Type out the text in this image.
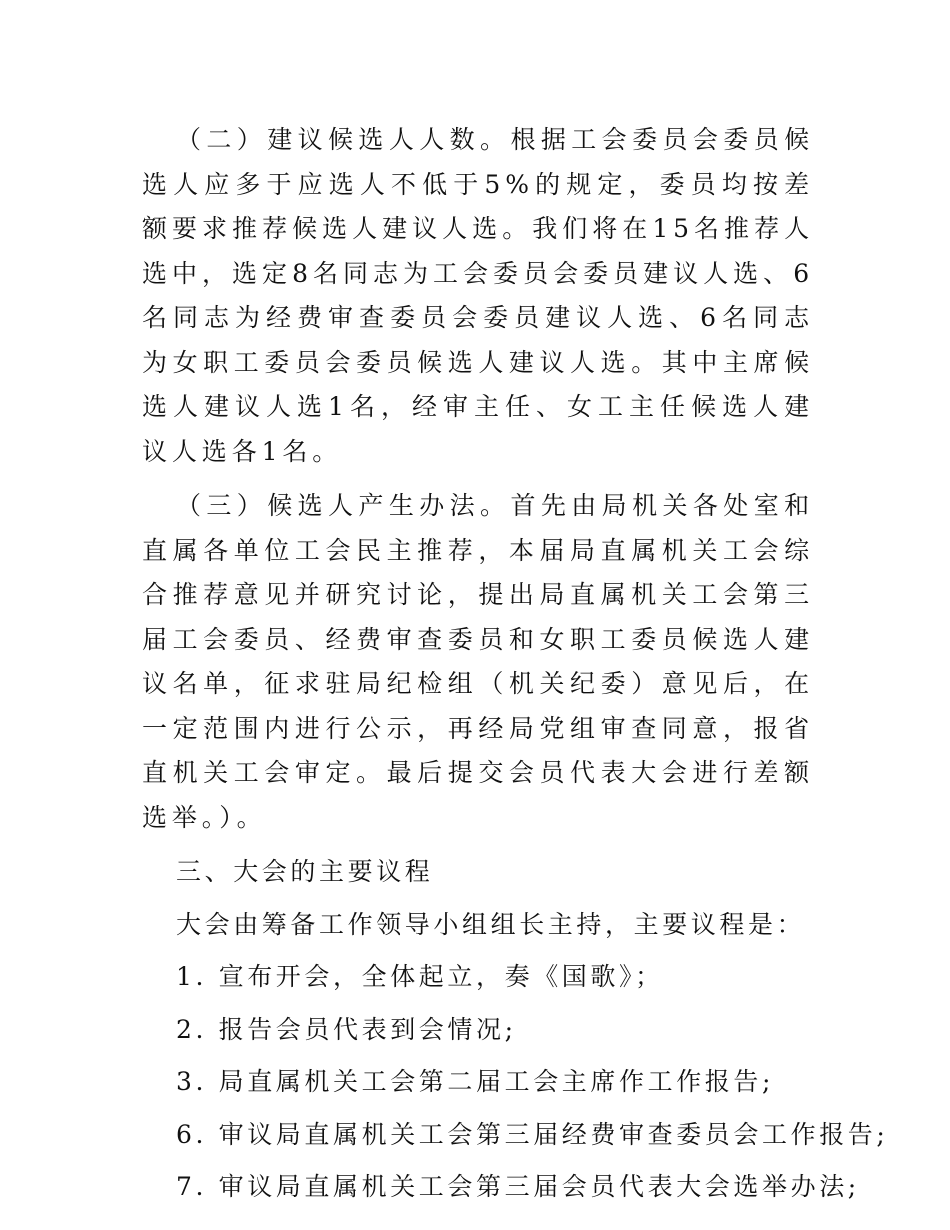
（二）建议候选人人数。根据工会委员会委员候选人应多于应选人不低于5%的规定，委员均按差额要求推荐候选人建议人选。我们将在15名推荐人选中，选定8名同志为工会委员会委员建议人选、6名同志为经费审查委员会委员建议人选、6名同志为女职工委员会委员候选人建议人选。其中主席候选人建议人选1名，经审主任、女工主任候选人建议人选各1名。

（三）候选人产生办法。首先由局机关各处室和直属各单位工会民主推荐，本届局直属机关工会综合推荐意见并研究讨论，提出局直属机关工会第三届工会委员、经费审查委员和女职工委员候选人建议名单，征求驻局纪检组（机关纪委）意见后，在一定范围内进行公示，再经局党组审查同意，报省直机关工会审定。最后提交会员代表大会进行差额选举。）。

三、大会的主要议程

大会由筹备工作领导小组组长主持，主要议程是：

1. 宣布开会，全体起立，奏《国歌》；

2. 报告会员代表到会情况;

3. 局直属机关工会第二届工会主席作工作报告;

6. 审议局直属机关工会第三届经费审查委员会工作报告;

7. 审议局直属机关工会第三届会员代表大会选举办法;
